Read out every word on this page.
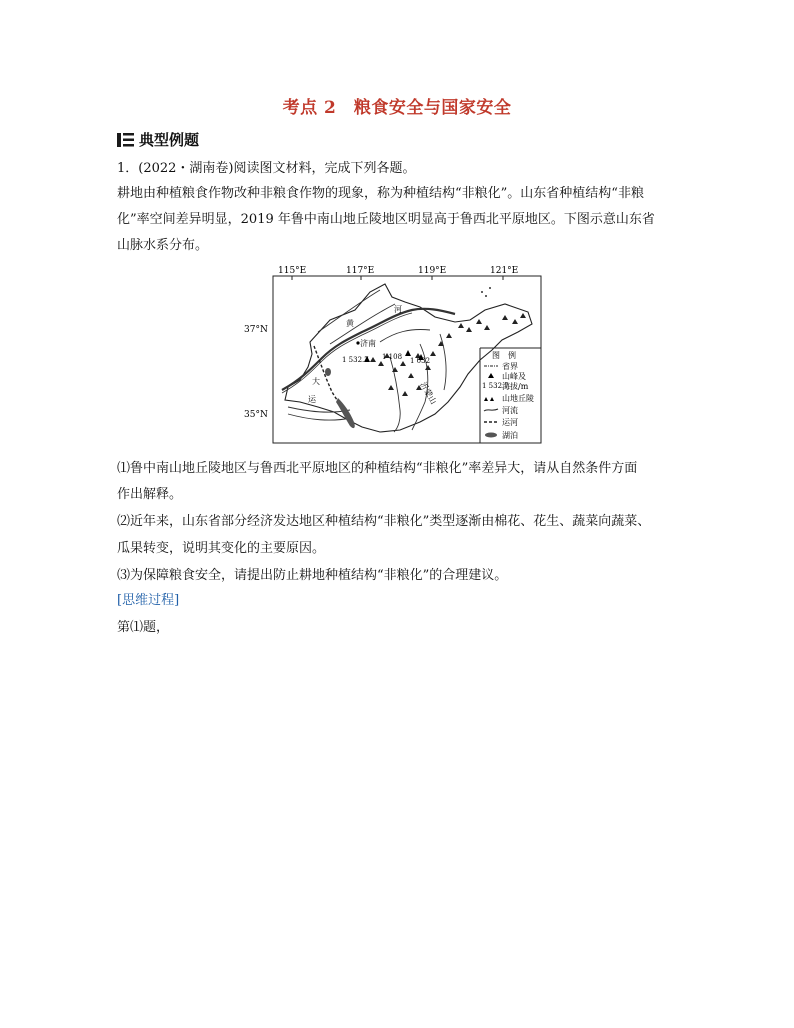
考点 2　粮食安全与国家安全
典型例题
1．(2022・湖南卷)阅读图文材料，完成下列各题。
耕地由种植粮食作物改种非粮食作物的现象，称为种植结构“非粮化”。山东省种植结构“非粮
化”率空间差异明显，2019 年鲁中南山地丘陵地区明显高于鲁西北平原地区。下图示意山东省
山脉水系分布。
115°E	117°E	119°E	121°E
37°N
35°N
济南
1 532.7 1 108 1 032
黄
河
大
运	沂蒙山
图　例
省界
山峰及
1 532.7
海拔/m
山地丘陵
河流
运河
湖泊
⑴鲁中南山地丘陵地区与鲁西北平原地区的种植结构“非粮化”率差异大，请从自然条件方面
作出解释。
⑵近年来，山东省部分经济发达地区种植结构“非粮化”类型逐渐由棉花、花生、蔬菜向蔬菜、
瓜果转变，说明其变化的主要原因。
⑶为保障粮食安全，请提出防止耕地种植结构“非粮化”的合理建议。
[思维过程]
第⑴题，
